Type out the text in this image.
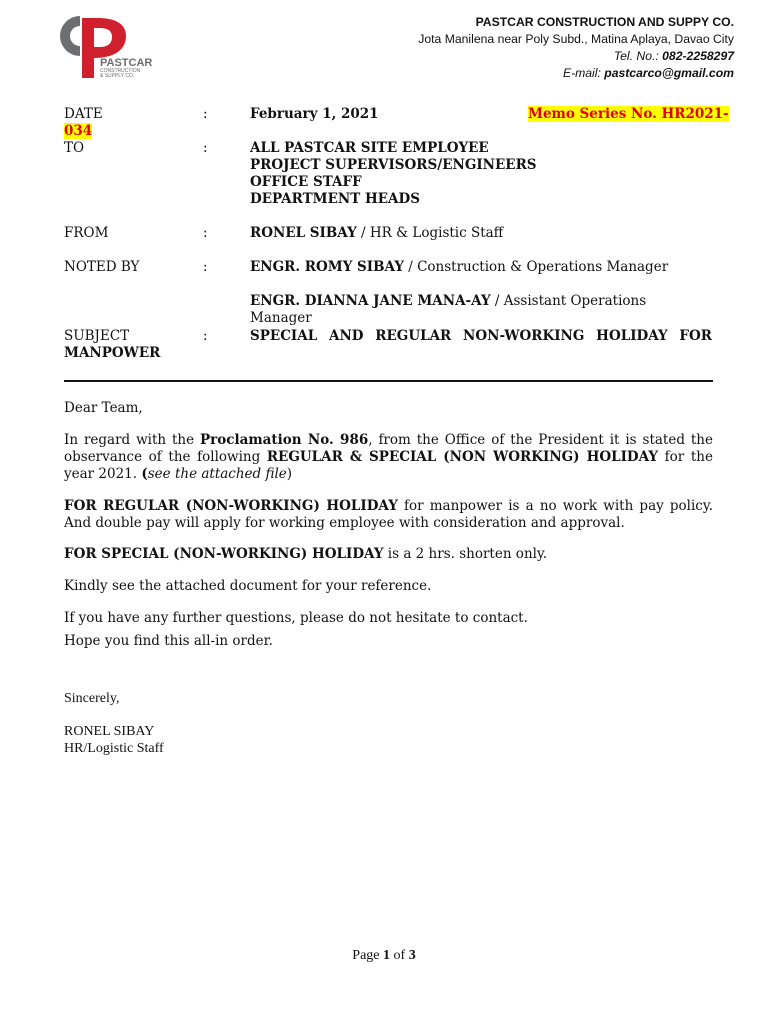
PASTCAR
CONSTRUCTION
& SUPPLY CO.
PASTCAR CONSTRUCTION AND SUPPY CO.
Jota Manilena near Poly Subd., Matina Aplaya, Davao City
Tel. No.: 082-2258297
E-mail: pastcarco@gmail.com
DATE	:	February 1, 2021	Memo Series No. HR2021-
034
TO	:	ALL PASTCAR SITE EMPLOYEE
PROJECT SUPERVISORS/ENGINEERS
OFFICE STAFF
DEPARTMENT HEADS
FROM	:	RONEL SIBAY / HR & Logistic Staff
NOTED BY	:	ENGR. ROMY SIBAY / Construction & Operations Manager
ENGR. DIANNA JANE MANA-AY / Assistant Operations Manager
SUBJECT	:	SPECIAL AND REGULAR NON-WORKING HOLIDAY FOR
MANPOWER
Dear Team,
In regard with the Proclamation No. 986, from the Office of the President it is stated the observance of the following REGULAR & SPECIAL (NON WORKING) HOLIDAY for the year 2021. (see the attached file)
FOR REGULAR (NON-WORKING) HOLIDAY for manpower is a no work with pay policy. And double pay will apply for working employee with consideration and approval.
FOR SPECIAL (NON-WORKING) HOLIDAY is a 2 hrs. shorten only.
Kindly see the attached document for your reference.
If you have any further questions, please do not hesitate to contact.
Hope you find this all-in order.
Sincerely,
RONEL SIBAY
HR/Logistic Staff
Page 1 of 3
